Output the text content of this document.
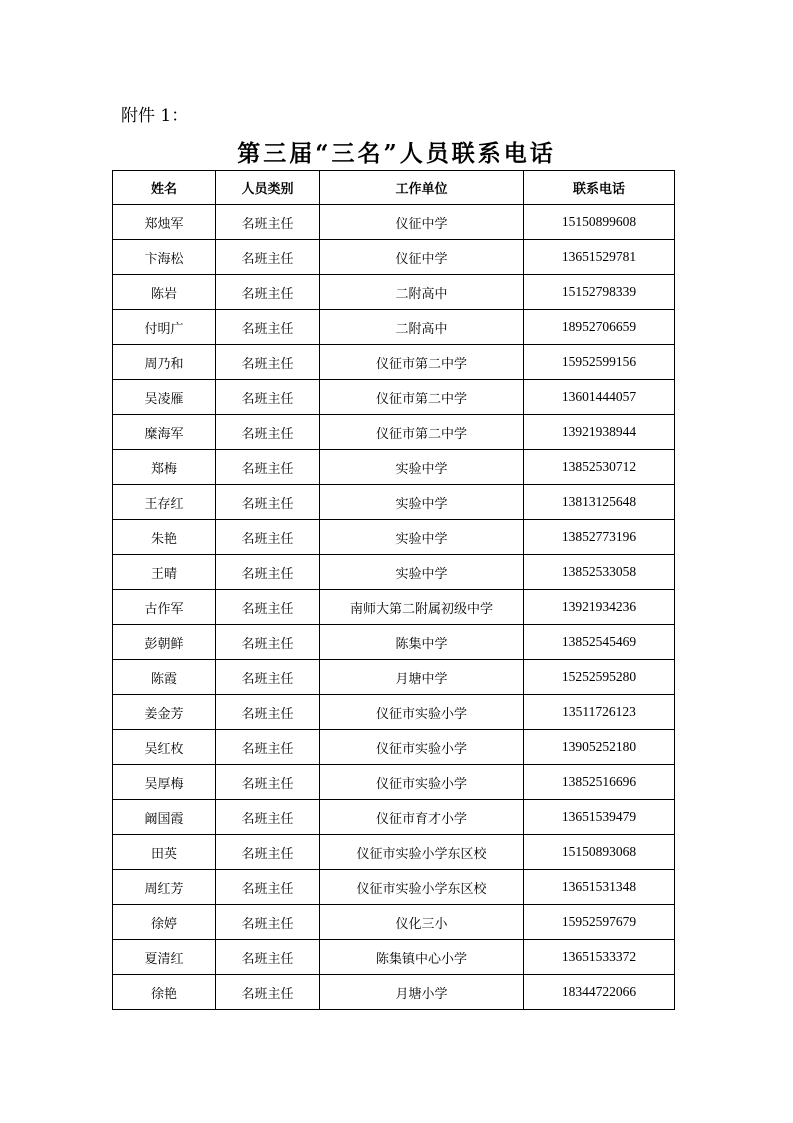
附件 1：
第三届“三名”人员联系电话
姓名	人员类别	工作单位	联系电话
郑烛军	名班主任	仪征中学	15150899608
卞海松	名班主任	仪征中学	13651529781
陈岩	名班主任	二附高中	15152798339
付明广	名班主任	二附高中	18952706659
周乃和	名班主任	仪征市第二中学	15952599156
吴凌雁	名班主任	仪征市第二中学	13601444057
糜海军	名班主任	仪征市第二中学	13921938944
郑梅	名班主任	实验中学	13852530712
王存红	名班主任	实验中学	13813125648
朱艳	名班主任	实验中学	13852773196
王晴	名班主任	实验中学	13852533058
古作军	名班主任	南师大第二附属初级中学	13921934236
彭朝鲜	名班主任	陈集中学	13852545469
陈霞	名班主任	月塘中学	15252595280
姜金芳	名班主任	仪征市实验小学	13511726123
吴红枚	名班主任	仪征市实验小学	13905252180
吴厚梅	名班主任	仪征市实验小学	13852516696
阚国霞	名班主任	仪征市育才小学	13651539479
田英	名班主任	仪征市实验小学东区校	15150893068
周红芳	名班主任	仪征市实验小学东区校	13651531348
徐婷	名班主任	仪化三小	15952597679
夏清红	名班主任	陈集镇中心小学	13651533372
徐艳	名班主任	月塘小学	18344722066
